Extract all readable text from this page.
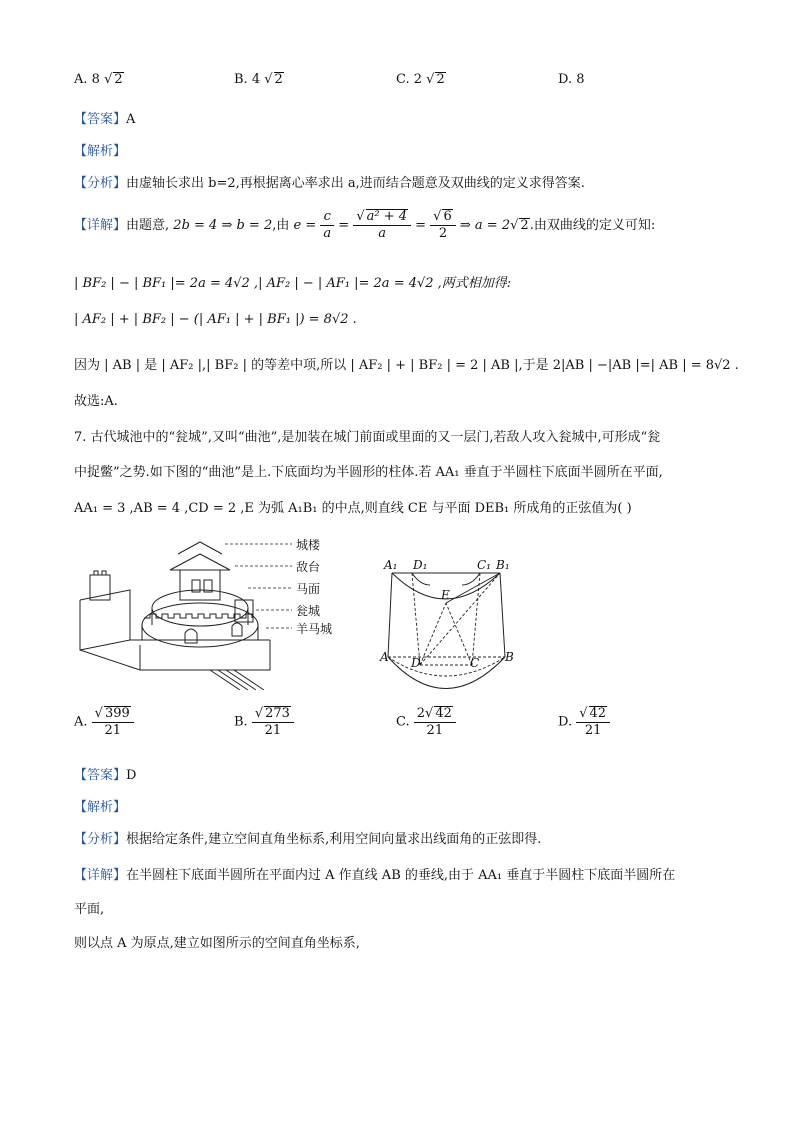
A. 8 √ 2	B. 4 √ 2	C. 2 √ 2	D. 8
【答案】A
【解析】
【分析】由虚轴长求出 b=2,再根据离心率求出 a,进而结合题意及双曲线的定义求得答案.
【详解】由题意, 2b = 4 ⇒ b = 2,由 $e = \frac{c}{a} = \frac{\text{√ a² + 4}}{a} = \frac{√ 6}{2}$ ⇒ a = 2√ 2.由双曲线的定义可知:
| BF₂ | − | BF₁ |= 2a = 4√2 ,| AF₂ | − | AF₁ |= 2a = 4√2 ,两式相加得:
| AF₂ | + | BF₂ | − (| AF₁ | + | BF₁ |) = 8√2 .
因为 | AB | 是 | AF₂ |,| BF₂ | 的等差中项,所以 | AF₂ | + | BF₂ | = 2 | AB |,于是 2|AB | −|AB |=| AB | = 8√2 .
故选:A.
7. 古代城池中的“瓮城”,又叫“曲池”,是加装在城门前面或里面的又一层门,若敌人攻入瓮城中,可形成“瓮
中捉鳖”之势.如下图的“曲池”是上.下底面均为半圆形的柱体.若 AA₁ 垂直于半圆柱下底面半圆所在平面,
AA₁ = 3 ,AB = 4 ,CD = 2 ,E 为弧 A₁B₁ 的中点,则直线 CE 与平面 DEB₁ 所成角的正弦值为( )
城楼
敌台
马面
瓮城
羊马城
A₁ D₁	C₁ B₁
E
A D	C B
A. $\frac{√ 399}{21}$	B. $\frac{√ 273}{21}$	C. $\frac{2√ 42}{21}$	D. $\frac{√ 42}{21}$
【答案】D
【解析】
【分析】根据给定条件,建立空间直角坐标系,利用空间向量求出线面角的正弦即得.
【详解】在半圆柱下底面半圆所在平面内过 A 作直线 AB 的垂线,由于 AA₁ 垂直于半圆柱下底面半圆所在
平面,
则以点 A 为原点,建立如图所示的空间直角坐标系,
